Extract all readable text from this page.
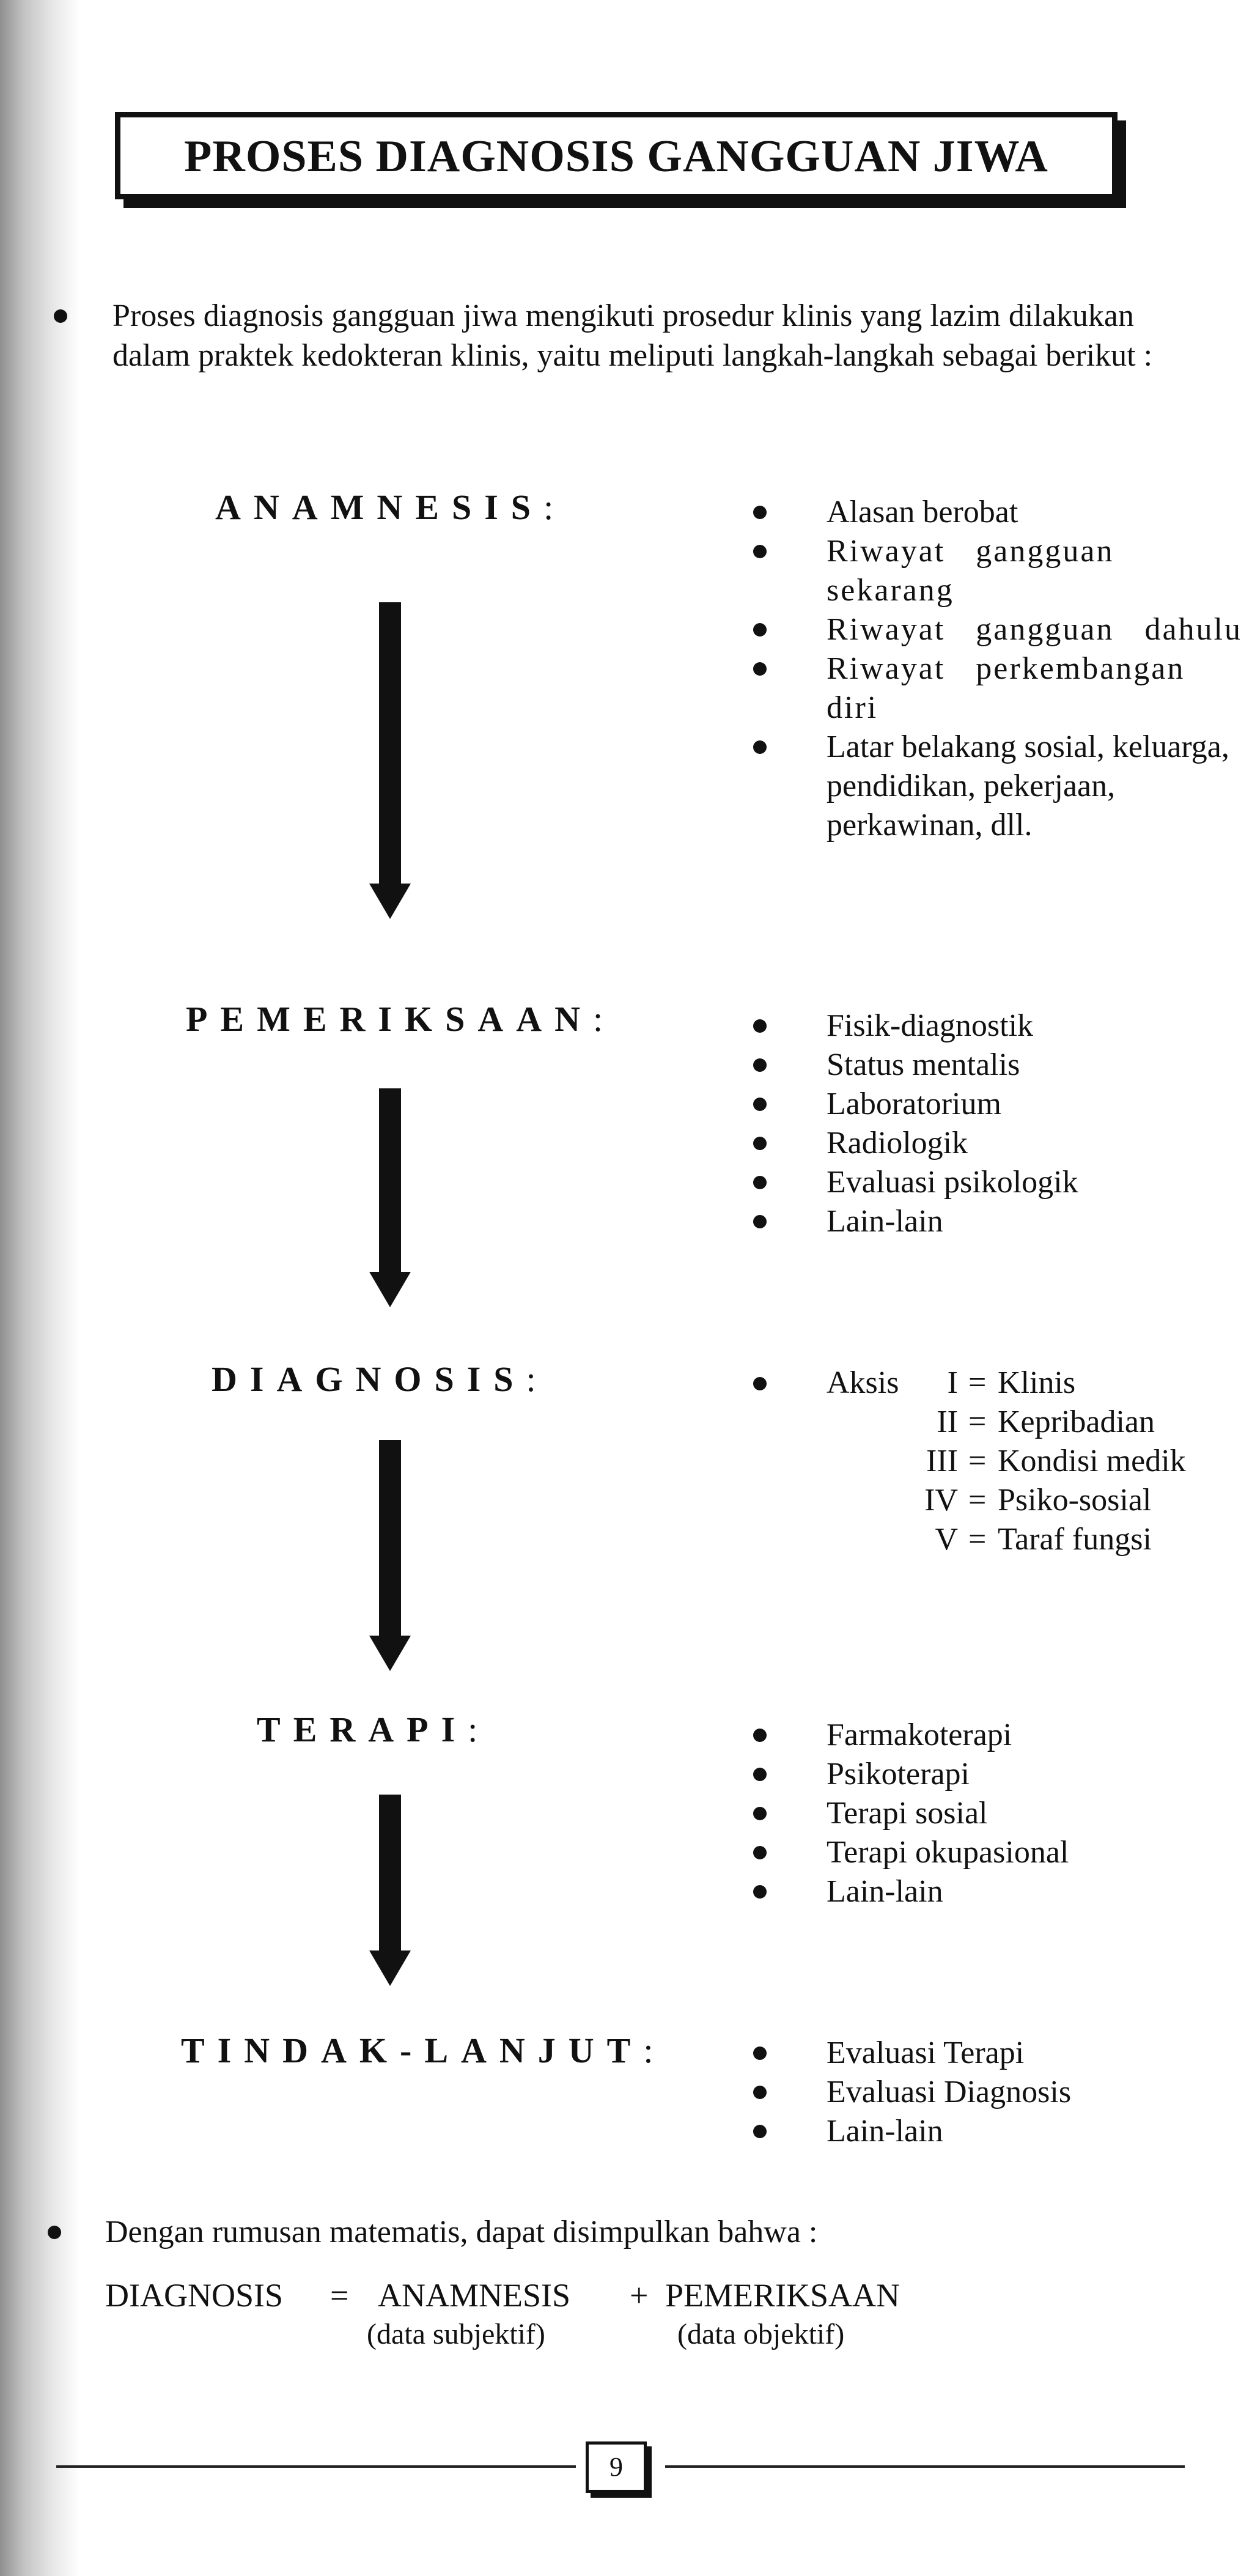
PROSES DIAGNOSIS GANGGUAN JIWA
Proses diagnosis gangguan jiwa mengikuti prosedur klinis yang lazim dilakukan dalam praktek kedokteran klinis, yaitu meliputi langkah-langkah sebagai berikut :
ANAMNESIS:	Alasan berobat
Riwayat gangguan sekarang
Riwayat gangguan dahulu
Riwayat perkembangan diri
Latar belakang sosial, keluarga, pendidikan, pekerjaan, perkawinan, dll.
PEMERIKSAAN:	Fisik-diagnostik
Status mentalis
Laboratorium
Radiologik
Evaluasi psikologik
Lain-lain
DIAGNOSIS:	Aksis	I = Klinis
II = Kepribadian
III = Kondisi medik
IV = Psiko-sosial
V = Taraf fungsi
TERAPI:	Farmakoterapi
Psikoterapi
Terapi sosial
Terapi okupasional
Lain-lain
TINDAK-LANJUT:	Evaluasi Terapi
Evaluasi Diagnosis
Lain-lain
Dengan rumusan matematis, dapat disimpulkan bahwa :
DIAGNOSIS = ANAMNESIS + PEMERIKSAAN
(data subjektif)	(data objektif)
9
